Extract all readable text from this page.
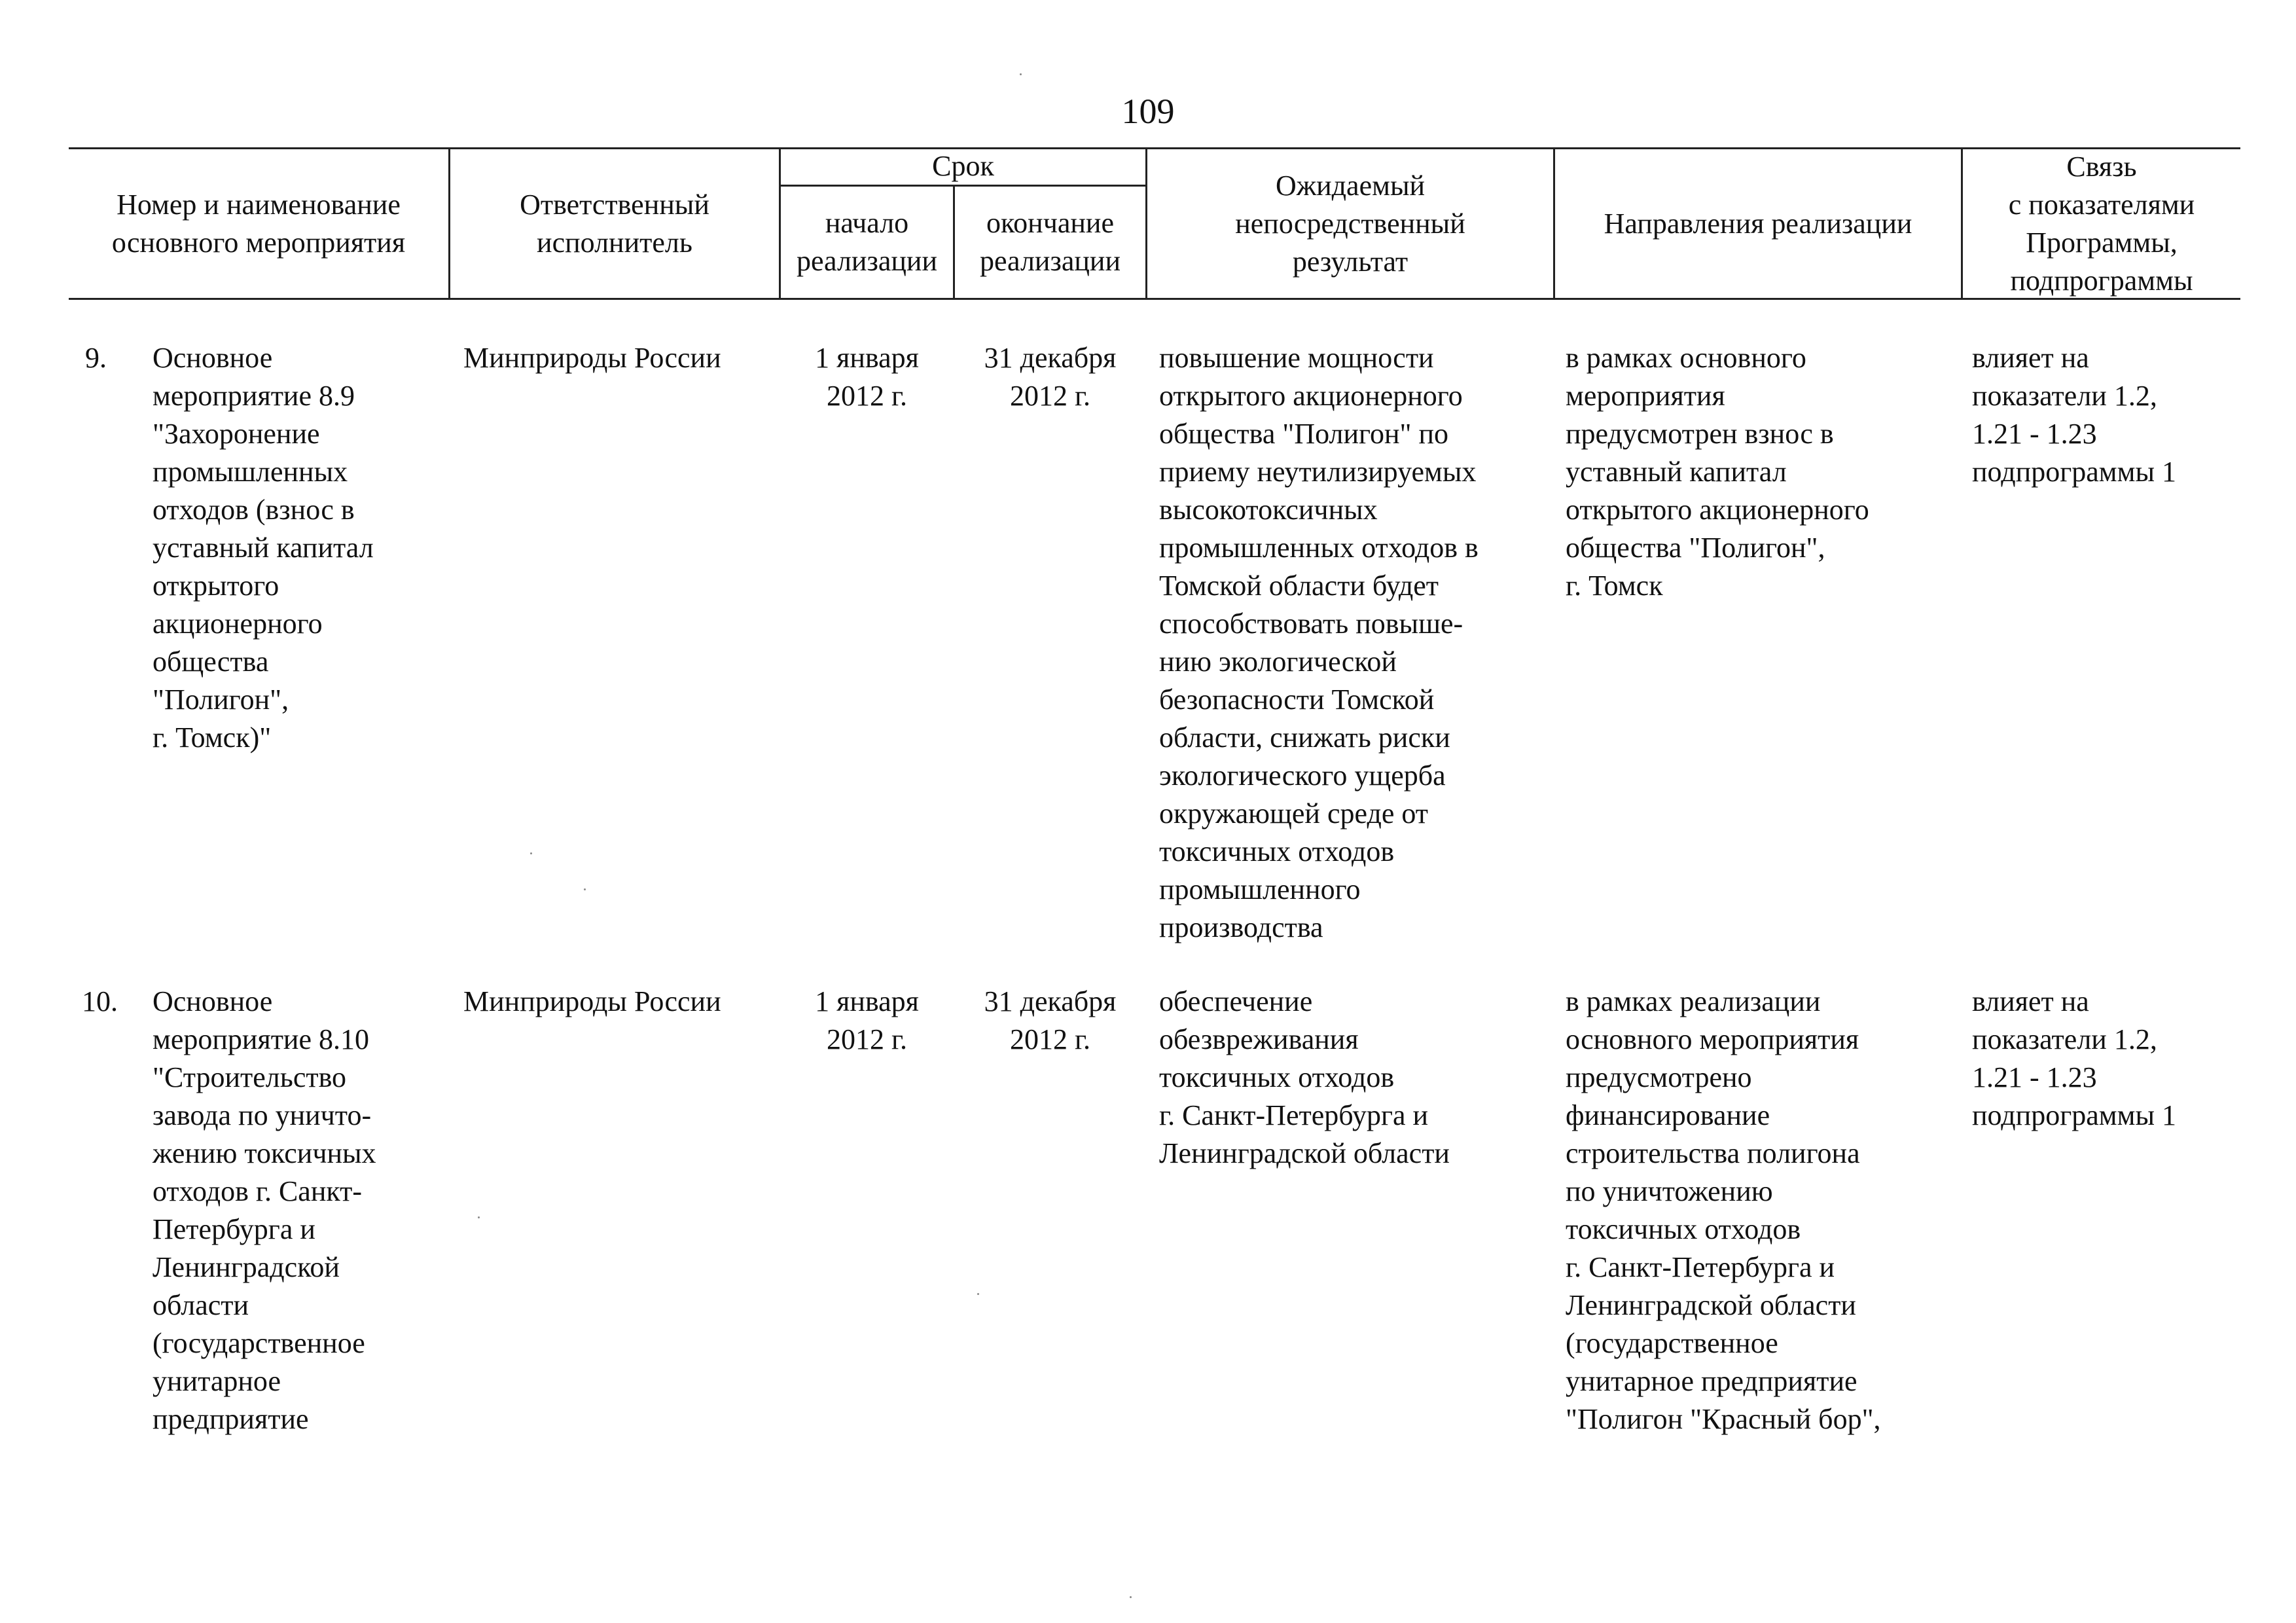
109
Номер и наименование
основного мероприятия
Ответственный
исполнитель
Срок
начало
реализации
окончание
реализации
Ожидаемый
непосредственный
результат
Направления реализации
Связь
с показателями
Программы,
подпрограммы
9. Основное
мероприятие 8.9
"Захоронение
промышленных
отходов (взнос в
уставный капитал
открытого
акционерного
общества
"Полигон",
г. Томск)"
Минприроды России	1 января
2012 г.
31 декабря
2012 г.
повышение мощности
открытого акционерного
общества "Полигон" по
приему неутилизируемых
высокотоксичных
промышленных отходов в
Томской области будет
способствовать повыше-
нию экологической
безопасности Томской
области, снижать риски
экологического ущерба
окружающей среде от
токсичных отходов
промышленного
производства
в рамках основного
мероприятия
предусмотрен взнос в
уставный капитал
открытого акционерного
общества "Полигон",
г. Томск
влияет на
показатели 1.2,
1.21 - 1.23
подпрограммы 1
10. Основное
мероприятие 8.10
"Строительство
завода по уничто-
жению токсичных
отходов г. Санкт-
Петербурга и
Ленинградской
области
(государственное
унитарное
предприятие
Минприроды России	1 января
2012 г.
31 декабря
2012 г.
обеспечение
обезвреживания
токсичных отходов
г. Санкт-Петербурга и
Ленинградской области
в рамках реализации
основного мероприятия
предусмотрено
финансирование
строительства полигона
по уничтожению
токсичных отходов
г. Санкт-Петербурга и
Ленинградской области
(государственное
унитарное предприятие
"Полигон "Красный бор",
влияет на
показатели 1.2,
1.21 - 1.23
подпрограммы 1
